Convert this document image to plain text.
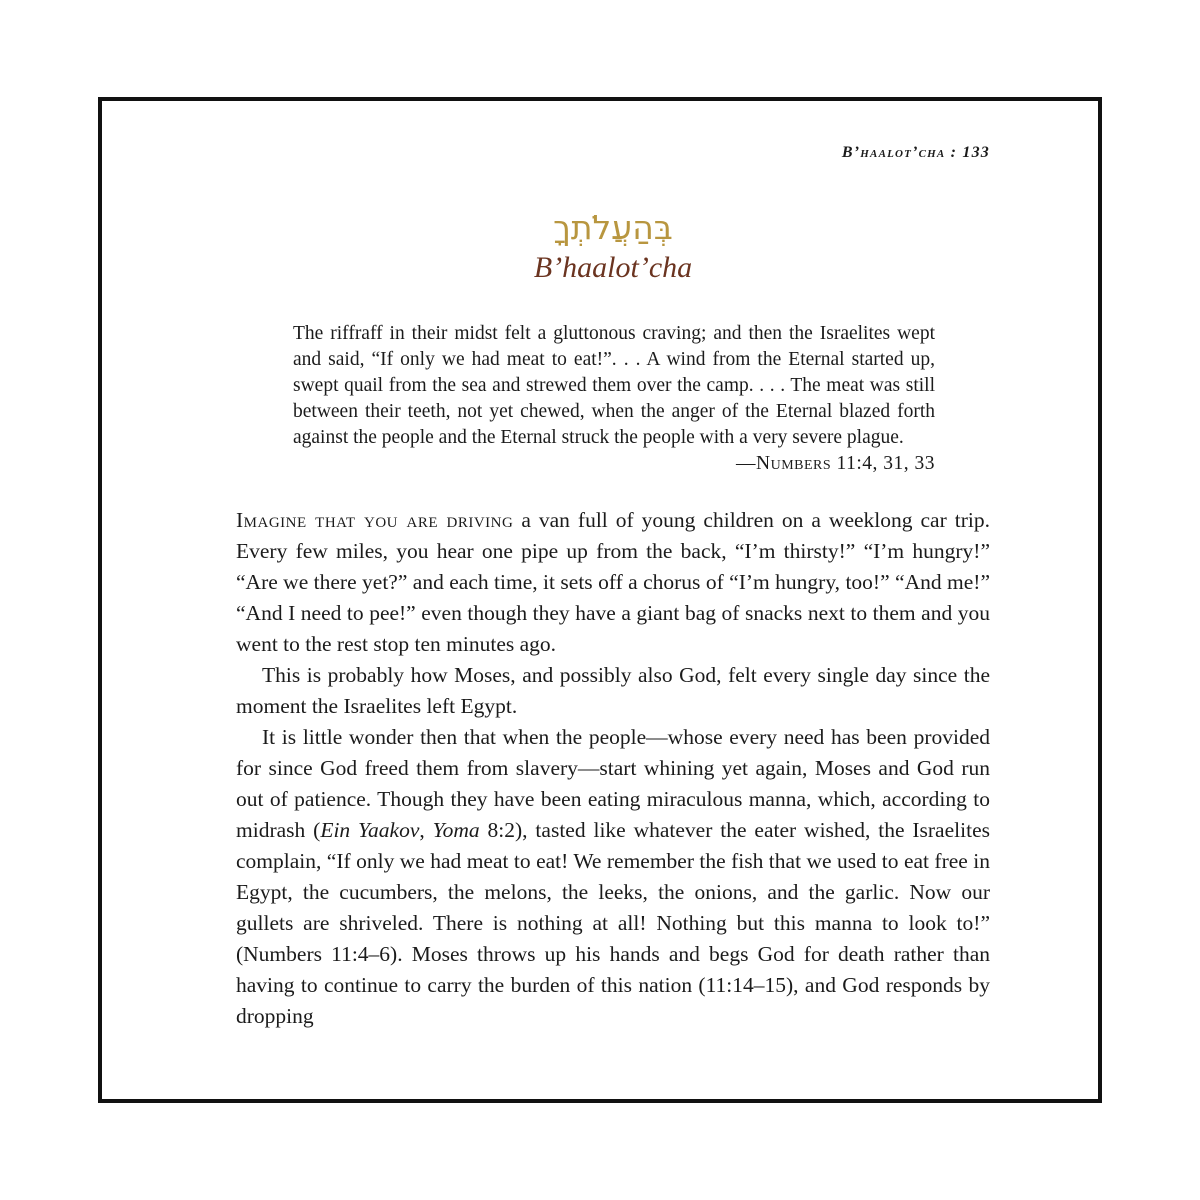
B’haalot’cha : 133
בְּהַעֲלֹתְךָ
B’haalot’cha
The riffraff in their midst felt a gluttonous craving; and then the Israelites wept and said, “If only we had meat to eat!”. . . A wind from the Eternal started up, swept quail from the sea and strewed them over the camp. . . . The meat was still between their teeth, not yet chewed, when the anger of the Eternal blazed forth against the people and the Eternal struck the people with a very severe plague.
—Numbers 11:4, 31, 33

Imagine that you are driving a van full of young children on a weeklong car trip. Every few miles, you hear one pipe up from the back, “I’m thirsty!” “I’m hungry!” “Are we there yet?” and each time, it sets off a chorus of “I’m hungry, too!” “And me!” “And I need to pee!” even though they have a giant bag of snacks next to them and you went to the rest stop ten minutes ago.

This is probably how Moses, and possibly also God, felt every single day since the moment the Israelites left Egypt.

It is little wonder then that when the people—whose every need has been provided for since God freed them from slavery—start whining yet again, Moses and God run out of patience. Though they have been eating miraculous manna, which, according to midrash (Ein Yaakov, Yoma 8:2), tasted like whatever the eater wished, the Israelites complain, “If only we had meat to eat! We remember the fish that we used to eat free in Egypt, the cucumbers, the melons, the leeks, the onions, and the garlic. Now our gullets are shriveled. There is nothing at all! Nothing but this manna to look to!” (Numbers 11:4–6). Moses throws up his hands and begs God for death rather than having to continue to carry the burden of this nation (11:14–15), and God responds by dropping
